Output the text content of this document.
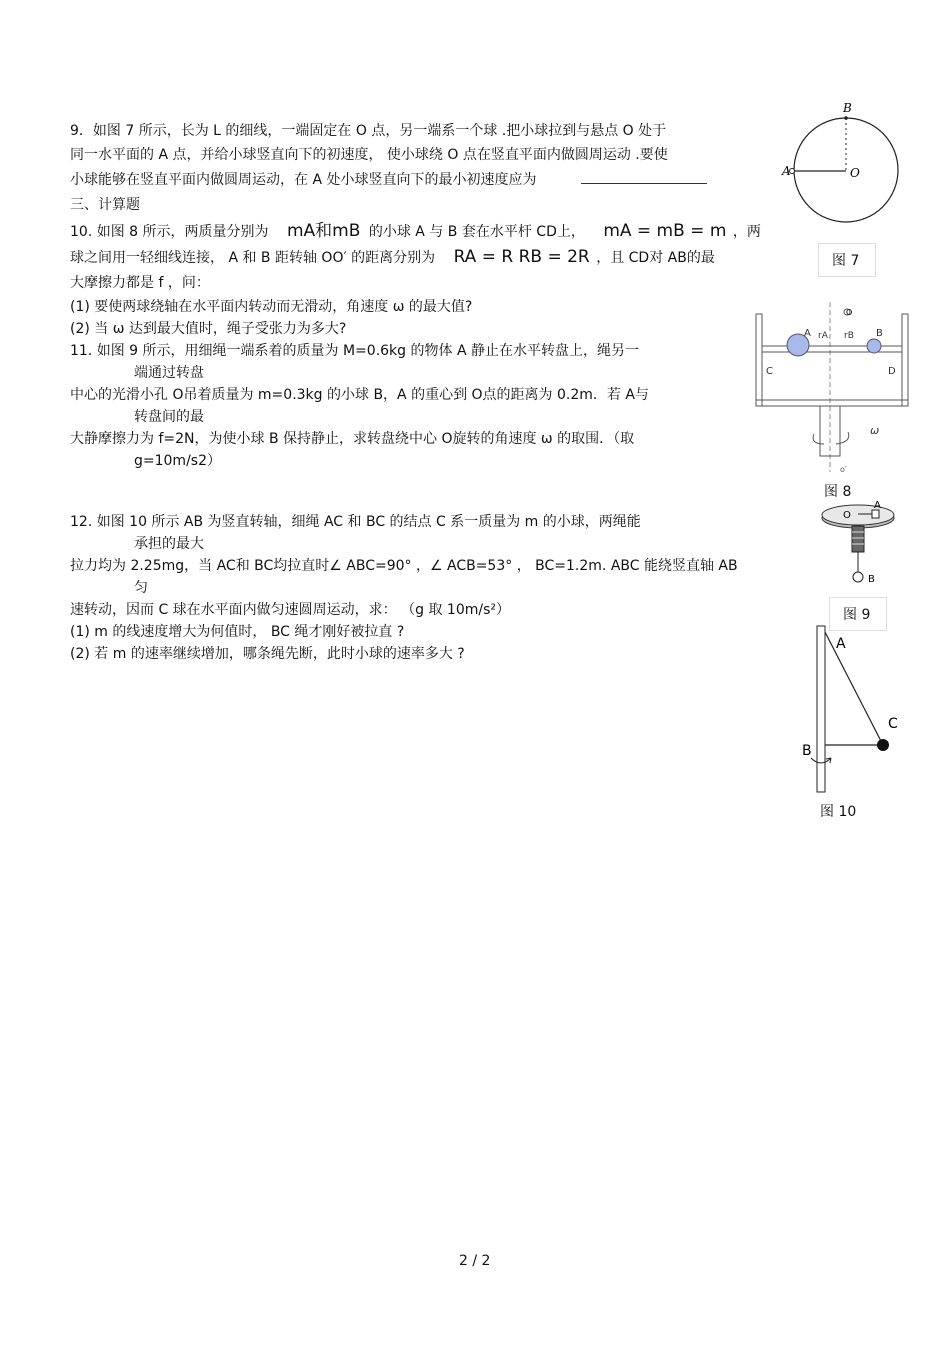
9．如图 7 所示，长为 L 的细线，一端固定在 O 点，另一端系一个球 .把小球拉到与悬点 O 处于
同一水平面的 A 点，并给小球竖直向下的初速度， 使小球绕 O 点在竖直平面内做圆周运动 .要使
小球能够在竖直平面内做圆周运动，在 A 处小球竖直向下的最小初速度应为
三、计算题
10. 如图 8 所示，两质量分别为 mA和mB 的小球 A 与 B 套在水平杆 CD上， mA = mB = m ，两
球之间用一轻细线连接， A 和 B 距转轴 OO′ 的距离分别为 RA = R RB = 2R ，且 CD对 AB的最
大摩擦力都是 f ，问：
(1) 要使两球绕轴在水平面内转动而无滑动，角速度 ω 的最大值?
(2) 当 ω 达到最大值时，绳子受张力为多大?
11. 如图 9 所示，用细绳一端系着的质量为 M=0.6kg 的物体 A 静止在水平转盘上，绳另一
端通过转盘
中心的光滑小孔 O吊着质量为 m=0.3kg 的小球 B，A 的重心到 O点的距离为 0.2m．若 A与
转盘间的最
大静摩擦力为 f=2N，为使小球 B 保持静止，求转盘绕中心 O旋转的角速度 ω 的取围．（取
g=10m/s2）
12. 如图 10 所示 AB 为竖直转轴，细绳 AC 和 BC 的结点 C 系一质量为 m 的小球，两绳能
承担的最大
拉力均为 2.25mg，当 AC和 BC均拉直时∠ ABC=90° ，∠ ACB=53° ， BC=1.2m. ABC 能绕竖直轴 AB
匀
速转动，因而 C 球在水平面内做匀速圆周运动，求： （g 取 10m/s²）
(1) m 的线速度增大为何值时， BC 绳才刚好被拉直 ?
(2) 若 m 的速率继续增加，哪条绳先断，此时小球的速率多大 ?
B
A	O
图 7
O
A	B
rA rB
C	D
ω
o′
图 8
O
A
B
图 9
A
B
C
图 10
2 / 2
